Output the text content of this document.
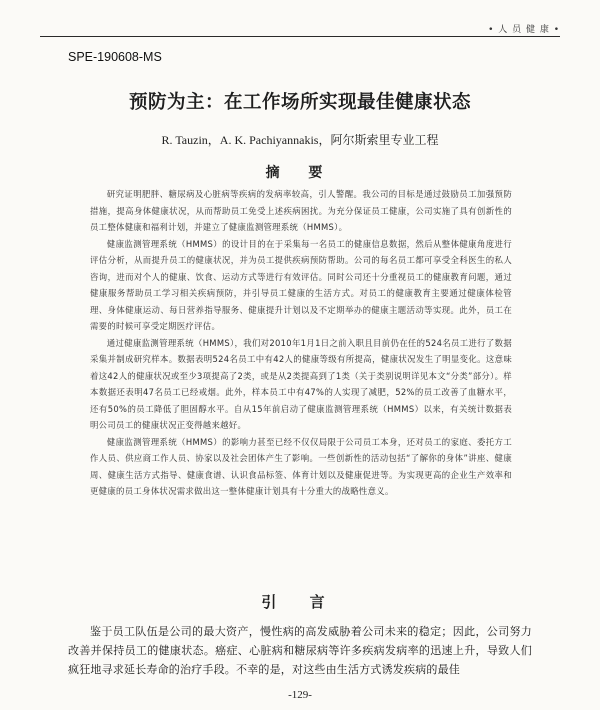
• 人 员 健 康 •
SPE-190608-MS
预防为主：在工作场所实现最佳健康状态
R. Tauzin，A. K. Pachiyannakis，阿尔斯索里专业工程
摘 要

研究证明肥胖、糖尿病及心脏病等疾病的发病率较高，引人警醒。我公司的目标是通过鼓励员工加强预防措施，提高身体健康状况，从而帮助员工免受上述疾病困扰。为充分保证员工健康，公司实施了具有创新性的员工整体健康和福利计划，并建立了健康监测管理系统（HMMS）。

健康监测管理系统（HMMS）的设计目的在于采集每一名员工的健康信息数据，然后从整体健康角度进行评估分析，从而提升员工的健康状况，并为员工提供疾病预防帮助。公司的每名员工都可享受全科医生的私人咨询，进而对个人的健康、饮食、运动方式等进行有效评估。同时公司还十分重视员工的健康教育问题，通过健康服务帮助员工学习相关疾病预防，并引导员工健康的生活方式。对员工的健康教育主要通过健康体检管理、身体健康运动、每日营养指导服务、健康提升计划以及不定期举办的健康主题活动等实现。此外，员工在需要的时候可享受定期医疗评估。

通过健康监测管理系统（HMMS），我们对2010年1月1日之前入职且目前仍在任的524名员工进行了数据采集并制成研究样本。数据表明524名员工中有42人的健康等级有所提高，健康状况发生了明显变化。这意味着这42人的健康状况或至少3项提高了2类，或是从2类提高到了1类（关于类别说明详见本文“分类”部分）。样本数据还表明47名员工已经戒烟。此外，样本员工中有47%的人实现了减肥，52%的员工改善了血糖水平，还有50%的员工降低了胆固醇水平。自从15年前启动了健康监测管理系统（HMMS）以来，有关统计数据表明公司员工的健康状况正变得越来越好。

健康监测管理系统（HMMS）的影响力甚至已经不仅仅局限于公司员工本身，还对员工的家庭、委托方工作人员、供应商工作人员、协家以及社会团体产生了影响。一些创新性的活动包括“了解你的身体”讲座、健康周、健康生活方式指导、健康食谱、认识食品标签、体育计划以及健康促进等。为实现更高的企业生产效率和更健康的员工身体状况需求做出这一整体健康计划具有十分重大的战略性意义。

引 言

鉴于员工队伍是公司的最大资产，慢性病的高发威胁着公司未来的稳定；因此，公司努力改善并保持员工的健康状态。癌症、心脏病和糖尿病等许多疾病发病率的迅速上升，导致人们疯狂地寻求延长寿命的治疗手段。不幸的是，对这些由生活方式诱发疾病的最佳

-129-
